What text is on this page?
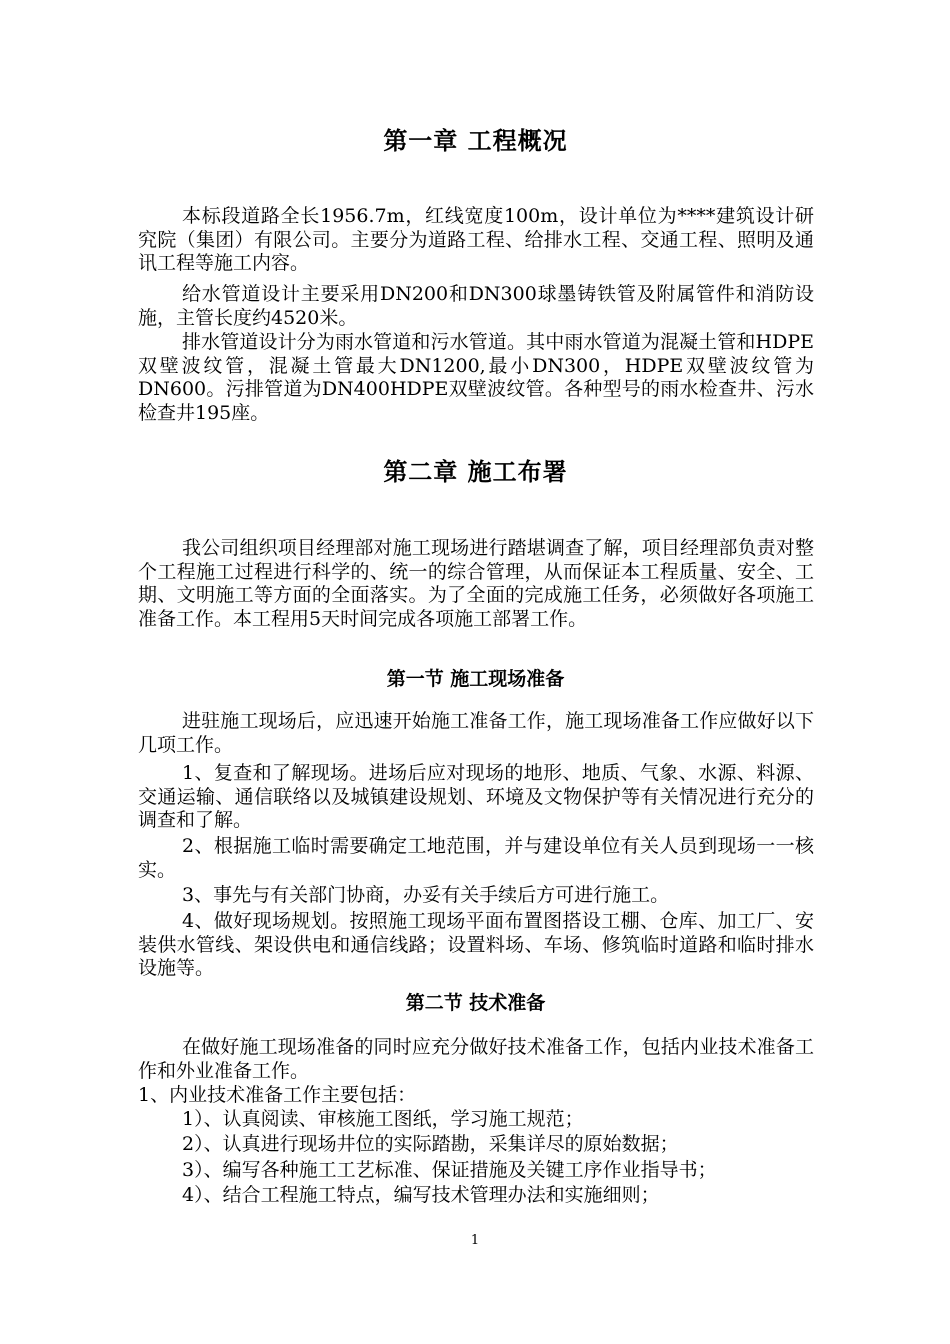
第一章 工程概况

本标段道路全长1956.7m，红线宽度100m，设计单位为****建筑设计研究院（集团）有限公司。主要分为道路工程、给排水工程、交通工程、照明及通讯工程等施工内容。

给水管道设计主要采用DN200和DN300球墨铸铁管及附属管件和消防设施，主管长度约4520米。

排水管道设计分为雨水管道和污水管道。其中雨水管道为混凝土管和HDPE双壁波纹管，混凝土管最大DN1200,最小DN300，HDPE双壁波纹管为DN600。污排管道为DN400HDPE双壁波纹管。各种型号的雨水检查井、污水检查井195座。

第二章 施工布署

我公司组织项目经理部对施工现场进行踏堪调查了解，项目经理部负责对整个工程施工过程进行科学的、统一的综合管理，从而保证本工程质量、安全、工期、文明施工等方面的全面落实。为了全面的完成施工任务，必须做好各项施工准备工作。本工程用5天时间完成各项施工部署工作。

第一节 施工现场准备

进驻施工现场后，应迅速开始施工准备工作，施工现场准备工作应做好以下几项工作。

1、复查和了解现场。进场后应对现场的地形、地质、气象、水源、料源、交通运输、通信联络以及城镇建设规划、环境及文物保护等有关情况进行充分的调查和了解。

2、根据施工临时需要确定工地范围，并与建设单位有关人员到现场一一核实。

3、事先与有关部门协商，办妥有关手续后方可进行施工。

4、做好现场规划。按照施工现场平面布置图搭设工棚、仓库、加工厂、安装供水管线、架设供电和通信线路；设置料场、车场、修筑临时道路和临时排水设施等。

第二节 技术准备

在做好施工现场准备的同时应充分做好技术准备工作，包括内业技术准备工作和外业准备工作。

1、内业技术准备工作主要包括：

1）、认真阅读、审核施工图纸，学习施工规范；

2）、认真进行现场井位的实际踏勘，采集详尽的原始数据；

3）、编写各种施工工艺标准、保证措施及关键工序作业指导书；

4）、结合工程施工特点，编写技术管理办法和实施细则；

1
